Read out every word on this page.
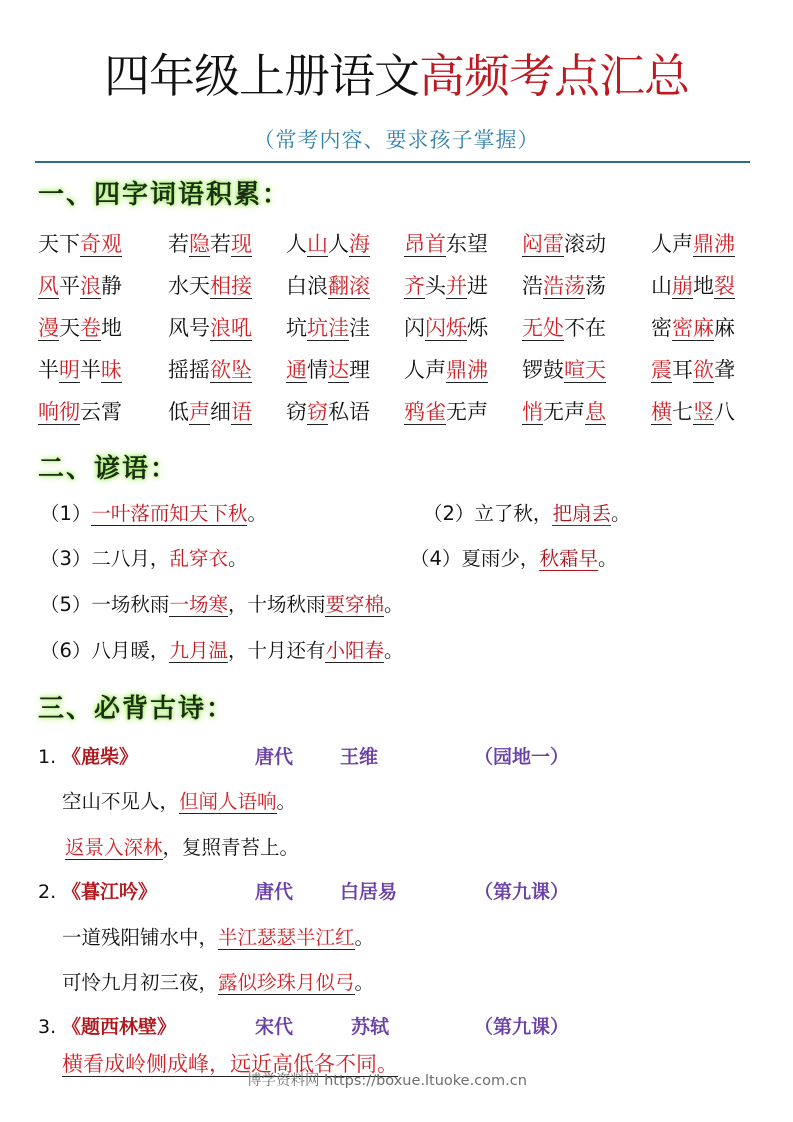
四年级上册语文高频考点汇总
（常考内容、要求孩子掌握）
一、四字词语积累：
天下奇观 若隐若现 人山人海 昂首东望 闷雷滚动 人声鼎沸
风平浪静 水天相接 白浪翻滚 齐头并进 浩浩荡荡 山崩地裂
漫天卷地 风号浪吼 坑坑洼洼 闪闪烁烁 无处不在 密密麻麻
半明半昧 摇摇欲坠 通情达理 人声鼎沸 锣鼓喧天 震耳欲聋
响彻云霄 低声细语 窃窃私语 鸦雀无声 悄无声息 横七竖八
二、谚语：
（1）一叶落而知天下秋。	（2）立了秋，把扇丢。
（3）二八月，乱穿衣。	（4）夏雨少，秋霜早。
（5）一场秋雨一场寒，十场秋雨要穿棉。
（6）八月暖，九月温，十月还有小阳春。
三、必背古诗：
1. 《鹿柴》	唐代 王维	（园地一）
空山不见人，但闻人语响。
返景入深林，复照青苔上。
2. 《暮江吟》	唐代 白居易	（第九课）
一道残阳铺水中，半江瑟瑟半江红。
可怜九月初三夜，露似珍珠月似弓。
3. 《题西林壁》	宋代	苏轼	（第九课）
横看成岭侧成峰，远近高低各不同。
博学资料网 https://boxue.ltuoke.com.cn
